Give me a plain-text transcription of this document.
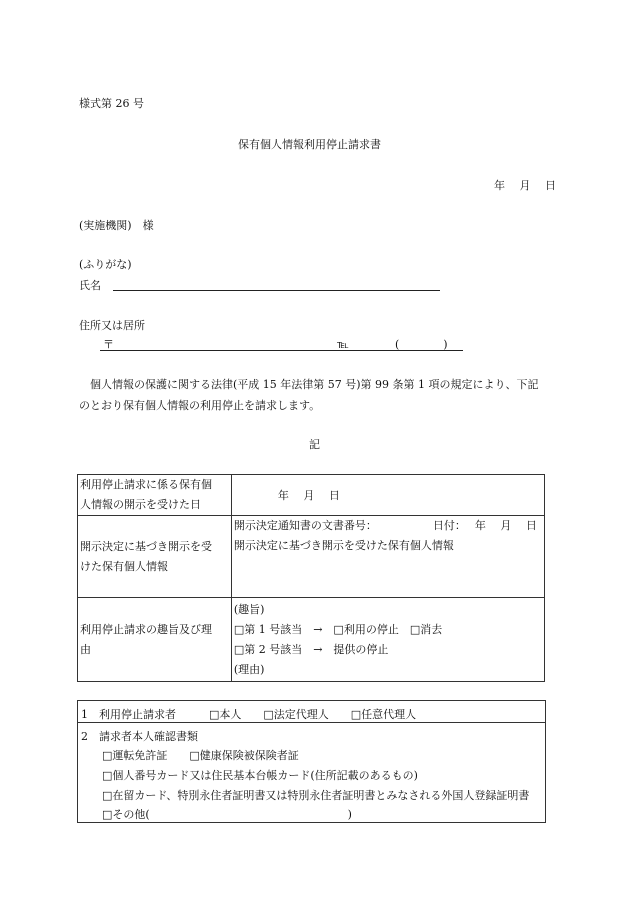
様式第 26 号
保有個人情報利用停止請求書
年　 月　 日
(実施機関)　様
(ふりがな)
氏名
住所又は居所
〒	℡	(　　　　)
個人情報の保護に関する法律(平成 15 年法律第 57 号)第 99 条第 1 項の規定により、下記
のとおり保有個人情報の利用停止を請求します。
記
利用停止請求に係る保有個
人情報の開示を受けた日	年　 月　 日

開示決定に基づき開示を受
けた保有個人情報	開示決定通知書の文書番号： 日付：　 年　 月　 日
開示決定に基づき開示を受けた保有個人情報

利用停止請求の趣旨及び理
由	(趣旨)
□第 1 号該当　→　□利用の停止　□消去
□第 2 号該当　→　提供の停止
(理由)
1　利用停止請求者　　　□本人　　□法定代理人　　□任意代理人
2　請求者本人確認書類
□運転免許証　　□健康保険被保険者証
□個人番号カード又は住民基本台帳カード(住所記載のあるもの)
□在留カード、特別永住者証明書又は特別永住者証明書とみなされる外国人登録証明書
□その他(　　　　　　　　　　　　　　　　　　)
